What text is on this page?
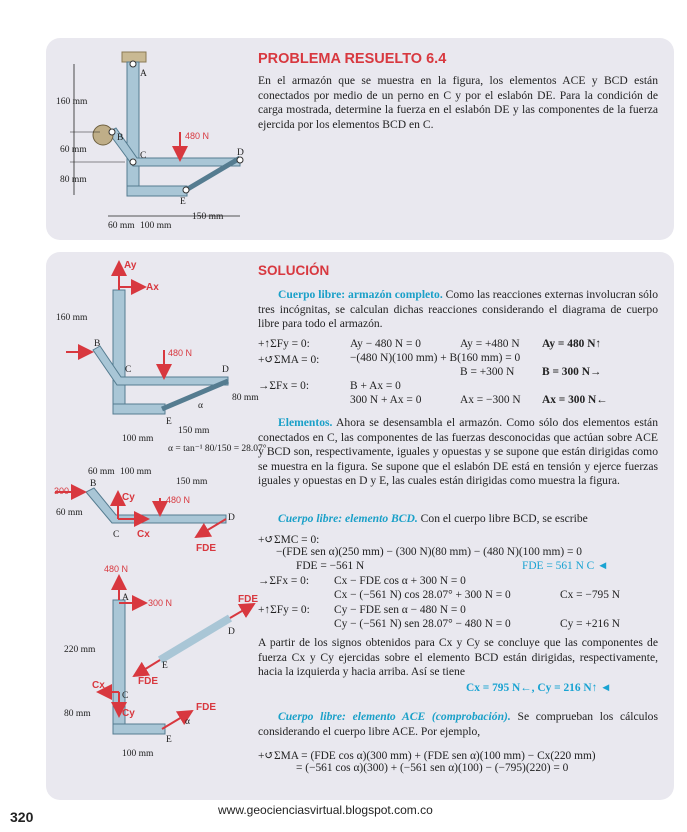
A
B
C	D
E
480 N
160 mm
60 mm
80 mm
60 mm 100 mm
150 mm
Ay
Ax
160 mm
B
480 N
C	D
80 mm
E
100 mm
150 mm
α = tan⁻¹ 80/150 = 28.07°
α
60 mm 100 mm
150 mm
300 N
B
Cy	480 N
60 mm
C Cx
D
FDE
480 N
A 300 N	FDE
D
220 mm
E
FDE
Cx
C
Cy
80 mm
FDE
α
E
100 mm
PROBLEMA RESUELTO 6.4
En el armazón que se muestra en la figura, los elementos ACE y BCD están conectados por medio de un perno en C y por el eslabón DE. Para la condición de carga mostrada, determine la fuerza en el eslabón DE y las componentes de la fuerza ejercida por los elementos BCD en C.
SOLUCIÓN
Cuerpo libre: armazón completo. Como las reacciones externas involucran sólo tres incógnitas, se calculan dichas reacciones considerando el diagrama de cuerpo libre para todo el armazón.
+↑ΣFy = 0:	Ay − 480 N = 0	Ay = +480 N Ay = 480 N↑
+↺ΣMA = 0:	−(480 N)(100 mm) + B(160 mm) = 0
B = +300 N B = 300 N→
→ΣFx = 0:	B + Ax = 0
300 N + Ax = 0	Ax = −300 N Ax = 300 N←
Elementos. Ahora se desensambla el armazón. Como sólo dos elementos están conectados en C, las componentes de las fuerzas desconocidas que actúan sobre ACE y BCD son, respectivamente, iguales y opuestas y se supone que están dirigidas como se muestra en la figura. Se supone que el eslabón DE está en tensión y ejerce fuerzas iguales y opuestas en D y E, las cuales están dirigidas como muestra la figura.
Cuerpo libre: elemento BCD. Con el cuerpo libre BCD, se escribe
+↺ΣMC = 0:
−(FDE sen α)(250 mm) − (300 N)(80 mm) − (480 N)(100 mm) = 0
FDE = −561 N	FDE = 561 N C ◄
→ΣFx = 0: Cx − FDE cos α + 300 N = 0
Cx − (−561 N) cos 28.07° + 300 N = 0	Cx = −795 N
+↑ΣFy = 0: Cy − FDE sen α − 480 N = 0
Cy − (−561 N) sen 28.07° − 480 N = 0	Cy = +216 N
A partir de los signos obtenidos para Cx y Cy se concluye que las componentes de fuerza Cx y Cy ejercidas sobre el elemento BCD están dirigidas, respectivamente, hacia la izquierda y hacia arriba. Así se tiene
Cx = 795 N←, Cy = 216 N↑ ◄
Cuerpo libre: elemento ACE (comprobación). Se comprueban los cálculos considerando el cuerpo libre ACE. Por ejemplo,
+↺ΣMA = (FDE cos α)(300 mm) + (FDE sen α)(100 mm) − Cx(220 mm)
= (−561 cos α)(300) + (−561 sen α)(100) − (−795)(220) = 0
320	www.geocienciasvirtual.blogspot.com.co
